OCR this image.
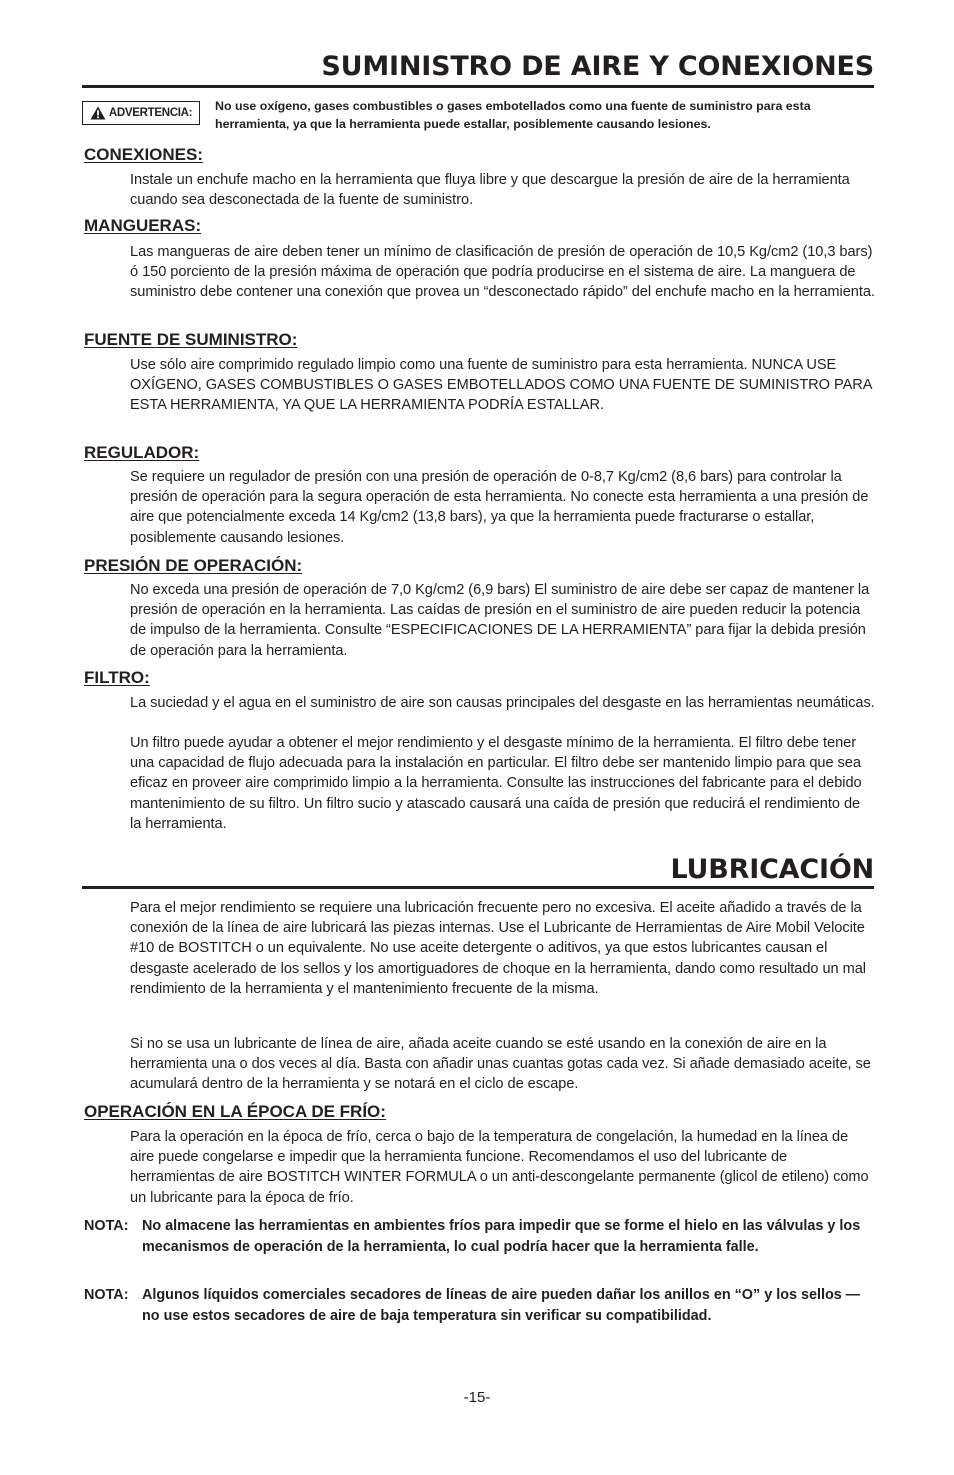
SUMINISTRO DE AIRE Y CONEXIONES
ADVERTENCIA: No use oxígeno, gases combustibles o gases embotellados como una fuente de suministro para esta herramienta, ya que la herramienta puede estallar, posiblemente causando lesiones.

CONEXIONES:

Instale un enchufe macho en la herramienta que fluya libre y que descargue la presión de aire de la herramienta cuando sea desconectada de la fuente de suministro.

MANGUERAS:

Las mangueras de aire deben tener un mínimo de clasificación de presión de operación de 10,5 Kg/cm2 (10,3 bars) ó 150 porciento de la presión máxima de operación que podría producirse en el sistema de aire. La manguera de suministro debe contener una conexión que provea un “desconectado rápido” del enchufe macho en la herramienta.

FUENTE DE SUMINISTRO:

Use sólo aire comprimido regulado limpio como una fuente de suministro para esta herramienta. NUNCA USE OXÍGENO, GASES COMBUSTIBLES O GASES EMBOTELLADOS COMO UNA FUENTE DE SUMINISTRO PARA ESTA HERRAMIENTA, YA QUE LA HERRAMIENTA PODRÍA ESTALLAR.

REGULADOR:

Se requiere un regulador de presión con una presión de operación de 0-8,7 Kg/cm2 (8,6 bars) para controlar la presión de operación para la segura operación de esta herramienta. No conecte esta herramienta a una presión de aire que potencialmente exceda 14 Kg/cm2 (13,8 bars), ya que la herramienta puede fracturarse o estallar, posiblemente causando lesiones.

PRESIÓN DE OPERACIÓN:

No exceda una presión de operación de 7,0 Kg/cm2 (6,9 bars) El suministro de aire debe ser capaz de mantener la presión de operación en la herramienta. Las caídas de presión en el suministro de aire pueden reducir la potencia de impulso de la herramienta. Consulte “ESPECIFICACIONES DE LA HERRAMIENTA” para fijar la debida presión de operación para la herramienta.

FILTRO:

La suciedad y el agua en el suministro de aire son causas principales del desgaste en las herramientas neumáticas.

Un filtro puede ayudar a obtener el mejor rendimiento y el desgaste mínimo de la herramienta. El filtro debe tener una capacidad de flujo adecuada para la instalación en particular. El filtro debe ser mantenido limpio para que sea eficaz en proveer aire comprimido limpio a la herramienta. Consulte las instrucciones del fabricante para el debido mantenimiento de su filtro. Un filtro sucio y atascado causará una caída de presión que reducirá el rendimiento de la herramienta.

LUBRICACIÓN

Para el mejor rendimiento se requiere una lubricación frecuente pero no excesiva. El aceite añadido a través de la conexión de la línea de aire lubricará las piezas internas. Use el Lubricante de Herramientas de Aire Mobil Velocite #10 de BOSTITCH o un equivalente. No use aceite detergente o aditivos, ya que estos lubricantes causan el desgaste acelerado de los sellos y los amortiguadores de choque en la herramienta, dando como resultado un mal rendimiento de la herramienta y el mantenimiento frecuente de la misma.

Si no se usa un lubricante de línea de aire, añada aceite cuando se esté usando en la conexión de aire en la herramienta una o dos veces al día. Basta con añadir unas cuantas gotas cada vez. Si añade demasiado aceite, se acumulará dentro de la herramienta y se notará en el ciclo de escape.

OPERACIÓN EN LA ÉPOCA DE FRÍO:

Para la operación en la época de frío, cerca o bajo de la temperatura de congelación, la humedad en la línea de aire puede congelarse e impedir que la herramienta funcione. Recomendamos el uso del lubricante de herramientas de aire BOSTITCH WINTER FORMULA o un anti-descongelante permanente (glicol de etileno) como un lubricante para la época de frío.

NOTA: No almacene las herramientas en ambientes fríos para impedir que se forme el hielo en las válvulas y los mecanismos de operación de la herramienta, lo cual podría hacer que la herramienta falle.
NOTA: Algunos líquidos comerciales secadores de líneas de aire pueden dañar los anillos en “O” y los sellos — no use estos secadores de aire de baja temperatura sin verificar su compatibilidad.

-15-
